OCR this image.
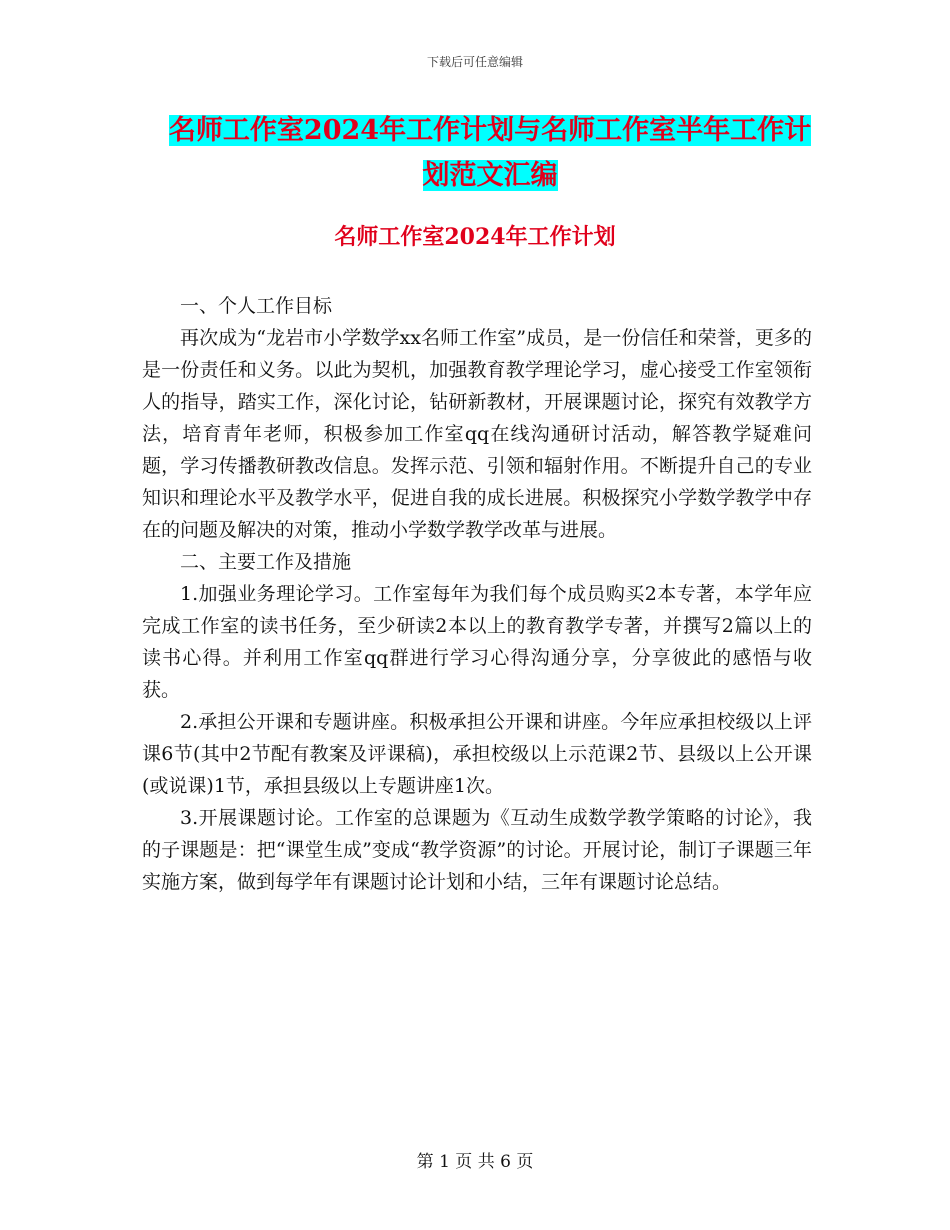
下载后可任意编辑
名师工作室2024年工作计划与名师工作室半年工作计
划范文汇编
名师工作室2024年工作计划

一、个人工作目标

再次成为“龙岩市小学数学xx名师工作室”成员，是一份信任和荣誉，更多的是一份责任和义务。以此为契机，加强教育教学理论学习，虚心接受工作室领衔人的指导，踏实工作，深化讨论，钻研新教材，开展课题讨论，探究有效教学方法，培育青年老师，积极参加工作室qq在线沟通研讨活动，解答教学疑难问题，学习传播教研教改信息。发挥示范、引领和辐射作用。不断提升自己的专业知识和理论水平及教学水平，促进自我的成长进展。积极探究小学数学教学中存在的问题及解决的对策，推动小学数学教学改革与进展。

二、主要工作及措施

1.加强业务理论学习。工作室每年为我们每个成员购买2本专著，本学年应完成工作室的读书任务，至少研读2本以上的教育教学专著，并撰写2篇以上的读书心得。并利用工作室qq群进行学习心得沟通分享，分享彼此的感悟与收获。

2.承担公开课和专题讲座。积极承担公开课和讲座。今年应承担校级以上评课6节(其中2节配有教案及评课稿)，承担校级以上示范课2节、县级以上公开课(或说课)1节，承担县级以上专题讲座1次。

3.开展课题讨论。工作室的总课题为《互动生成数学教学策略的讨论》，我的子课题是：把“课堂生成”变成“教学资源”的讨论。开展讨论，制订子课题三年实施方案，做到每学年有课题讨论计划和小结，三年有课题讨论总结。

第 1 页 共 6 页
